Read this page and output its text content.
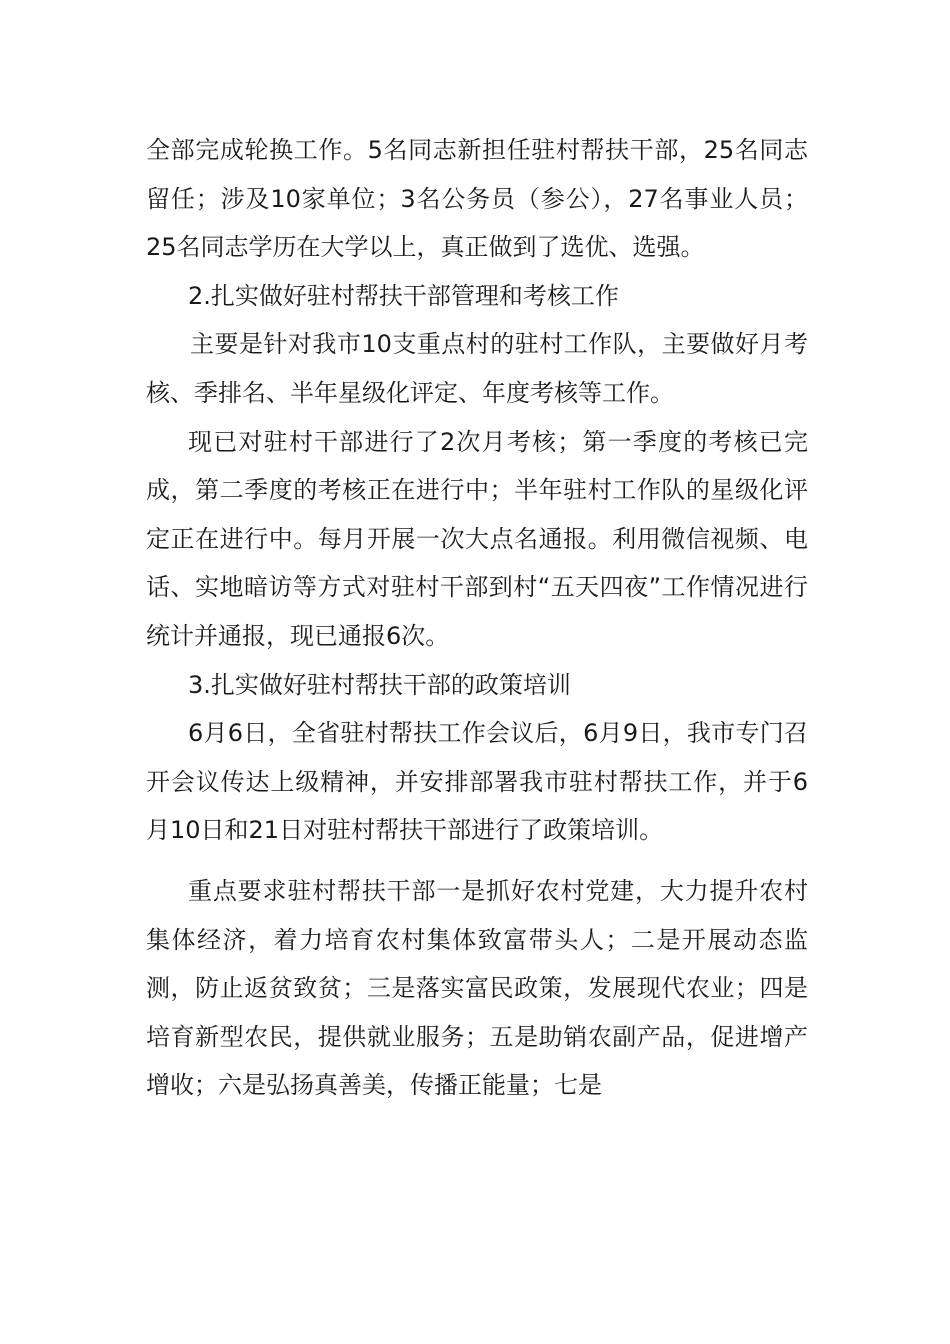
全部完成轮换工作。5名同志新担任驻村帮扶干部，25名同志留任；涉及10家单位；3名公务员（参公），27名事业人员；25名同志学历在大学以上，真正做到了选优、选强。

2.扎实做好驻村帮扶干部管理和考核工作

主要是针对我市10支重点村的驻村工作队，主要做好月考核、季排名、半年星级化评定、年度考核等工作。

现已对驻村干部进行了2次月考核；第一季度的考核已完成，第二季度的考核正在进行中；半年驻村工作队的星级化评定正在进行中。每月开展一次大点名通报。利用微信视频、电话、实地暗访等方式对驻村干部到村“五天四夜”工作情况进行统计并通报，现已通报6次。

3.扎实做好驻村帮扶干部的政策培训

6月6日，全省驻村帮扶工作会议后，6月9日，我市专门召开会议传达上级精神，并安排部署我市驻村帮扶工作，并于6月10日和21日对驻村帮扶干部进行了政策培训。

重点要求驻村帮扶干部一是抓好农村党建，大力提升农村集体经济，着力培育农村集体致富带头人；二是开展动态监测，防止返贫致贫；三是落实富民政策，发展现代农业；四是培育新型农民，提供就业服务；五是助销农副产品，促进增产增收；六是弘扬真善美，传播正能量；七是
